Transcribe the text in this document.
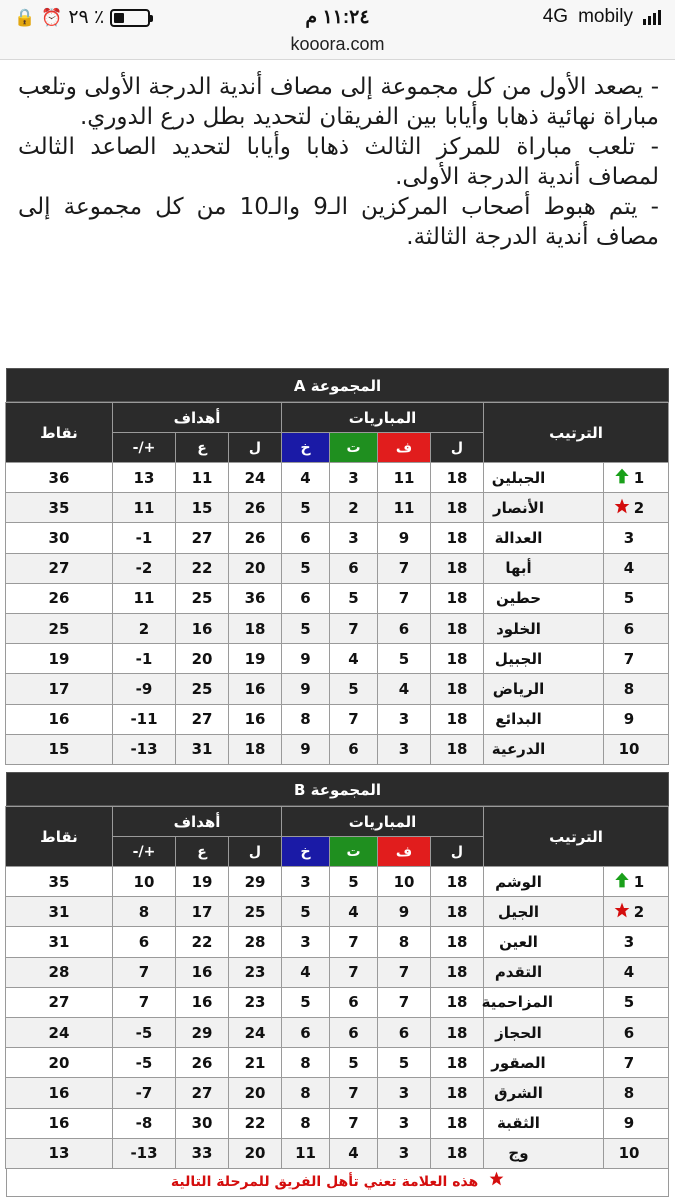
٪ ٢٩
⏰
🔒	١١:٢٤ م	4G mobily
kooora.com

- يصعد الأول من كل مجموعة إلى مصاف أندية الدرجة الأولى وتلعب مباراة نهائية ذهابا وأيابا بين الفريقان لتحديد بطل درع الدوري.

- تلعب مباراة للمركز الثالث ذهابا وأيابا لتحديد الصاعد الثالث لمصاف أندية الدرجة الأولى.

- يتم هبوط أصحاب المركزين الـ9 والـ10 من كل مجموعة إلى مصاف أندية الدرجة الثالثة.

المجموعة A
الترتيب		المباريات				أهداف			نقاط
		ل	ف	ت	خ	ل	ع	+/-	

1	الجبلين	18	11	3	4	24	11	13	36

2	الأنصار	18	11	2	5	26	15	11	35

3	العدالة	18	9	3	6	26	27	1-	30

4	أبها	18	7	6	5	20	22	2-	27

5	حطين	18	7	5	6	36	25	11	26

6	الخلود	18	6	7	5	18	16	2	25

7	الجبيل	18	5	4	9	19	20	1-	19

8	الرياض	18	4	5	9	16	25	9-	17

9	البدائع	18	3	7	8	16	27	11-	16

10	الدرعية	18	3	6	9	18	31	13-	15
المجموعة B
الترتيب		المباريات				أهداف			نقاط
		ل	ف	ت	خ	ل	ع	+/-	

1	الوشم	18	10	5	3	29	19	10	35

2	الجيل	18	9	4	5	25	17	8	31

3	العين	18	8	7	3	28	22	6	31

4	التقدم	18	7	7	4	23	16	7	28

5	المزاحمية	18	7	6	5	23	16	7	27

6	الحجاز	18	6	6	6	24	29	5-	24

7	الصقور	18	5	5	8	21	26	5-	20

8	الشرق	18	3	7	8	20	27	7-	16

9	الثقبة	18	3	7	8	22	30	8-	16

10	وج	18	3	4	11	20	33	13-	13
هذه العلامة تعني تأهل الفريق للمرحلة التالية
